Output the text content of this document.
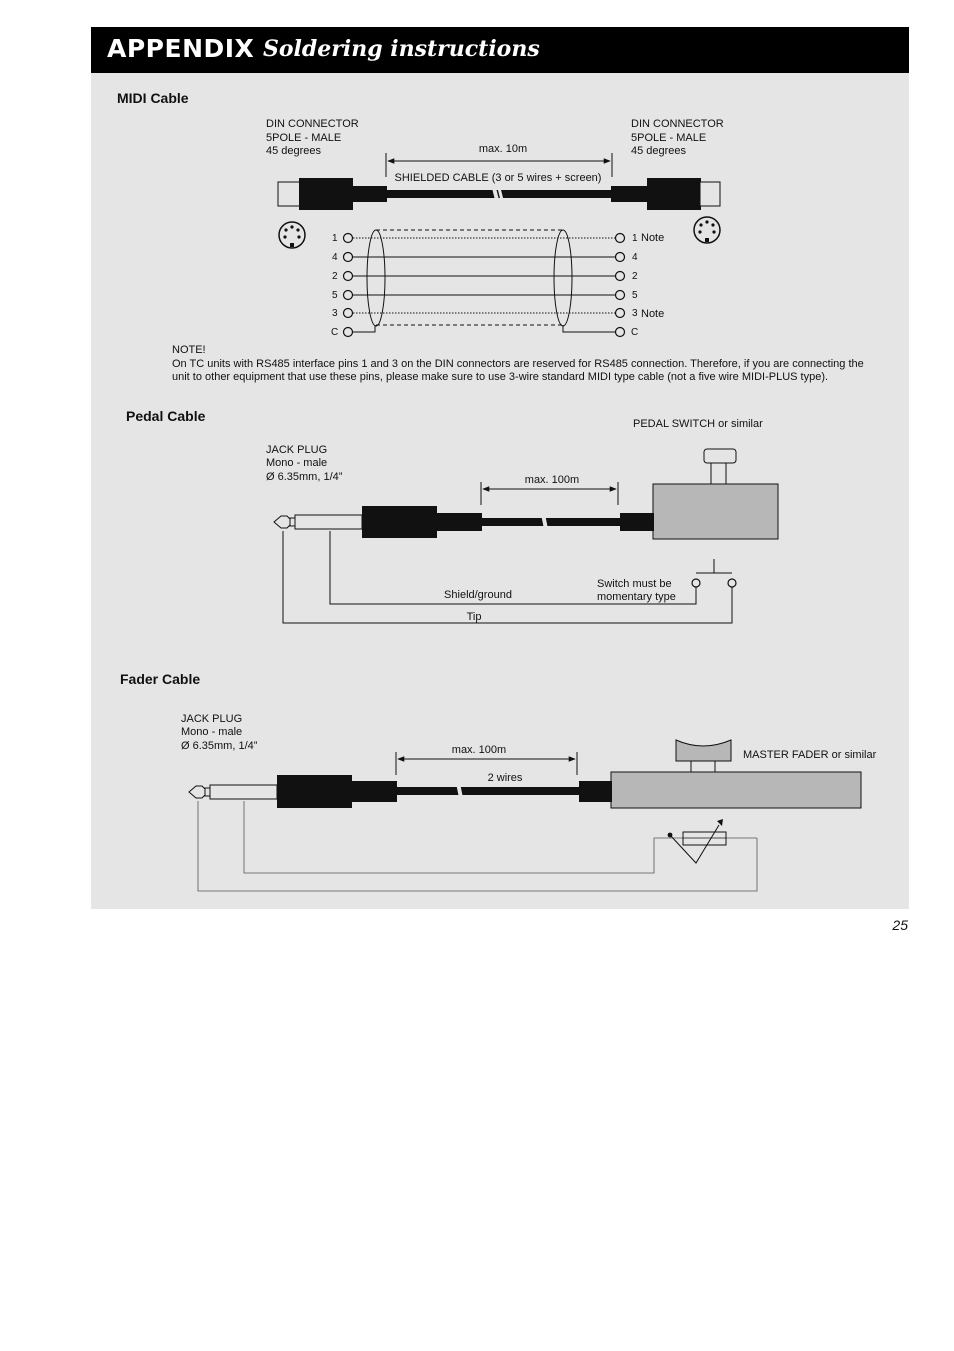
APPENDIX Soldering instructions
MIDI Cable
DIN CONNECTOR
5POLE - MALE
45 degrees
DIN CONNECTOR
5POLE - MALE
45 degrees
max. 10m
SHIELDED CABLE (3 or 5 wires + screen)
1
4
2
5
3
C
1
4
2
5
3
C
Note
Note
NOTE!
On TC units with RS485 interface pins 1 and 3 on the DIN connectors are reserved for RS485 connection. Therefore, if you are connecting the
unit to other equipment that use these pins, please make sure to use 3-wire standard MIDI type cable (not a five wire MIDI-PLUS type).
Pedal Cable	PEDAL SWITCH or similar
JACK PLUG
Mono - male
Ø 6.35mm, 1/4”	max. 100m
Shield/ground
Tip
Switch must be
momentary type
Fader Cable
JACK PLUG
Mono - male
Ø 6.35mm, 1/4”	max. 100m
2 wires
MASTER FADER or similar
25
